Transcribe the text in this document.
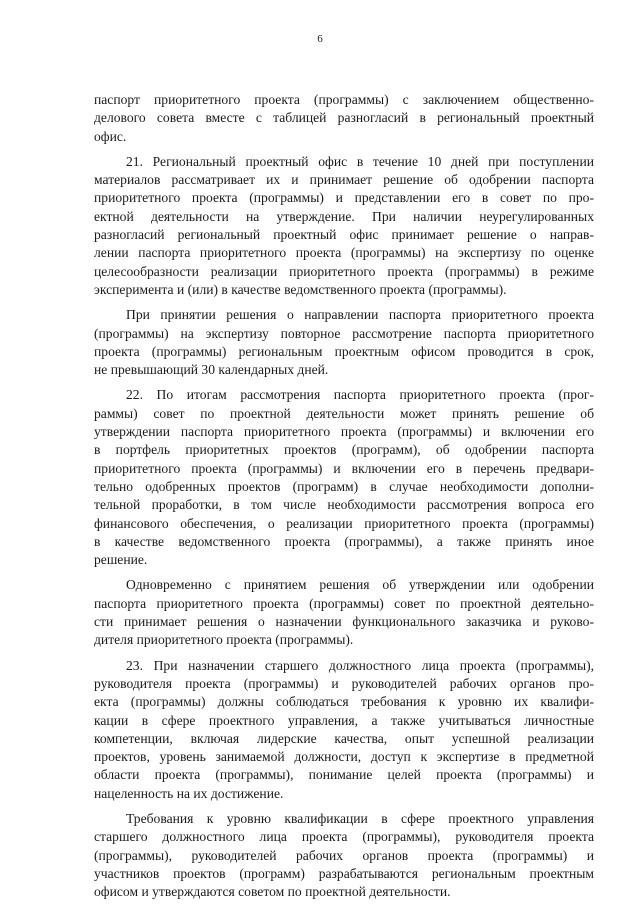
6

паспорт приоритетного проекта (программы) с заключением общественно-
делового совета вместе с таблицей разногласий в региональный проектный
офис.

21. Региональный проектный офис в течение 10 дней при поступлении
материалов рассматривает их и принимает решение об одобрении паспорта
приоритетного проекта (программы) и представлении его в совет по про-
ектной деятельности на утверждение. При наличии неурегулированных
разногласий региональный проектный офис принимает решение о направ-
лении паспорта приоритетного проекта (программы) на экспертизу по оценке
целесообразности реализации приоритетного проекта (программы) в режиме
эксперимента и (или) в качестве ведомственного проекта (программы).

При принятии решения о направлении паспорта приоритетного проекта
(программы) на экспертизу повторное рассмотрение паспорта приоритетного
проекта (программы) региональным проектным офисом проводится в срок,
не превышающий 30 календарных дней.

22. По итогам рассмотрения паспорта приоритетного проекта (прог-
раммы) совет по проектной деятельности может принять решение об
утверждении паспорта приоритетного проекта (программы) и включении его
в портфель приоритетных проектов (программ), об одобрении паспорта
приоритетного проекта (программы) и включении его в перечень предвари-
тельно одобренных проектов (программ) в случае необходимости дополни-
тельной проработки, в том числе необходимости рассмотрения вопроса его
финансового обеспечения, о реализации приоритетного проекта (программы)
в качестве ведомственного проекта (программы), а также принять иное
решение.

Одновременно с принятием решения об утверждении или одобрении
паспорта приоритетного проекта (программы) совет по проектной деятельно-
сти принимает решения о назначении функционального заказчика и руково-
дителя приоритетного проекта (программы).

23. При назначении старшего должностного лица проекта (программы),
руководителя проекта (программы) и руководителей рабочих органов про-
екта (программы) должны соблюдаться требования к уровню их квалифи-
кации в сфере проектного управления, а также учитываться личностные
компетенции, включая лидерские качества, опыт успешной реализации
проектов, уровень занимаемой должности, доступ к экспертизе в предметной
области проекта (программы), понимание целей проекта (программы) и
нацеленность на их достижение.

Требования к уровню квалификации в сфере проектного управления
старшего должностного лица проекта (программы), руководителя проекта
(программы), руководителей рабочих органов проекта (программы) и
участников проектов (программ) разрабатываются региональным проектным
офисом и утверждаются советом по проектной деятельности.
